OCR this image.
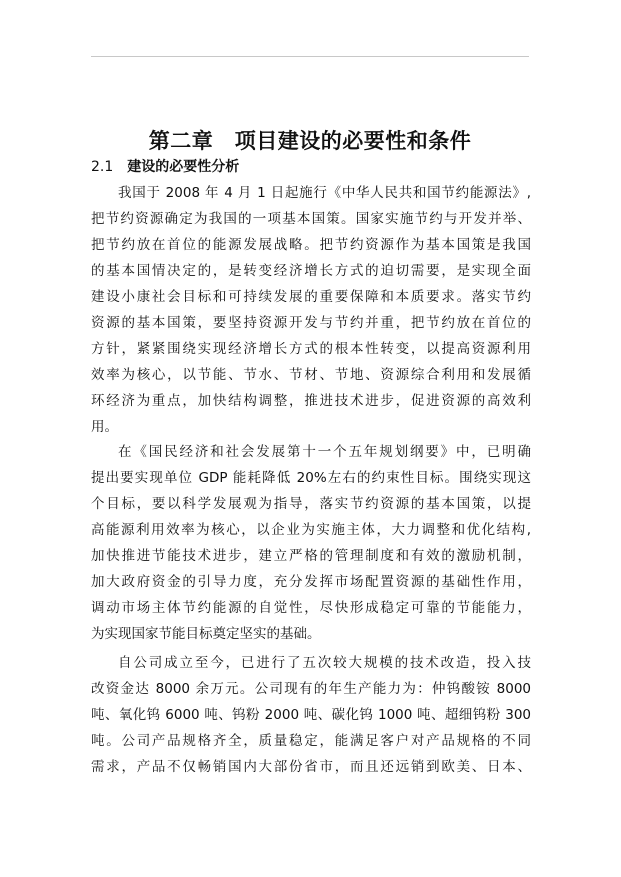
第二章　项目建设的必要性和条件
2.1 建设的必要性分析

我国于 2008 年 4 月 1 日起施行《中华人民共和国节约能源法》,
把节约资源确定为我国的一项基本国策。国家实施节约与开发并举、
把节约放在首位的能源发展战略。把节约资源作为基本国策是我国
的基本国情决定的，是转变经济增长方式的迫切需要，是实现全面
建设小康社会目标和可持续发展的重要保障和本质要求。落实节约
资源的基本国策，要坚持资源开发与节约并重，把节约放在首位的
方针，紧紧围绕实现经济增长方式的根本性转变，以提高资源利用
效率为核心，以节能、节水、节材、节地、资源综合利用和发展循
环经济为重点，加快结构调整，推进技术进步，促进资源的高效利
用。

在《国民经济和社会发展第十一个五年规划纲要》中，已明确
提出要实现单位 GDP 能耗降低 20%左右的约束性目标。围绕实现这
个目标，要以科学发展观为指导，落实节约资源的基本国策，以提
高能源利用效率为核心，以企业为实施主体，大力调整和优化结构,
加快推进节能技术进步，建立严格的管理制度和有效的激励机制，
加大政府资金的引导力度，充分发挥市场配置资源的基础性作用，
调动市场主体节约能源的自觉性，尽快形成稳定可靠的节能能力，
为实现国家节能目标奠定坚实的基础。

自公司成立至今，已进行了五次较大规模的技术改造，投入技
改资金达 8000 余万元。公司现有的年生产能力为：仲钨酸铵 8000
吨、氧化钨 6000 吨、钨粉 2000 吨、碳化钨 1000 吨、超细钨粉 300
吨。公司产品规格齐全，质量稳定，能满足客户对产品规格的不同
需求，产品不仅畅销国内大部份省市，而且还远销到欧美、日本、
